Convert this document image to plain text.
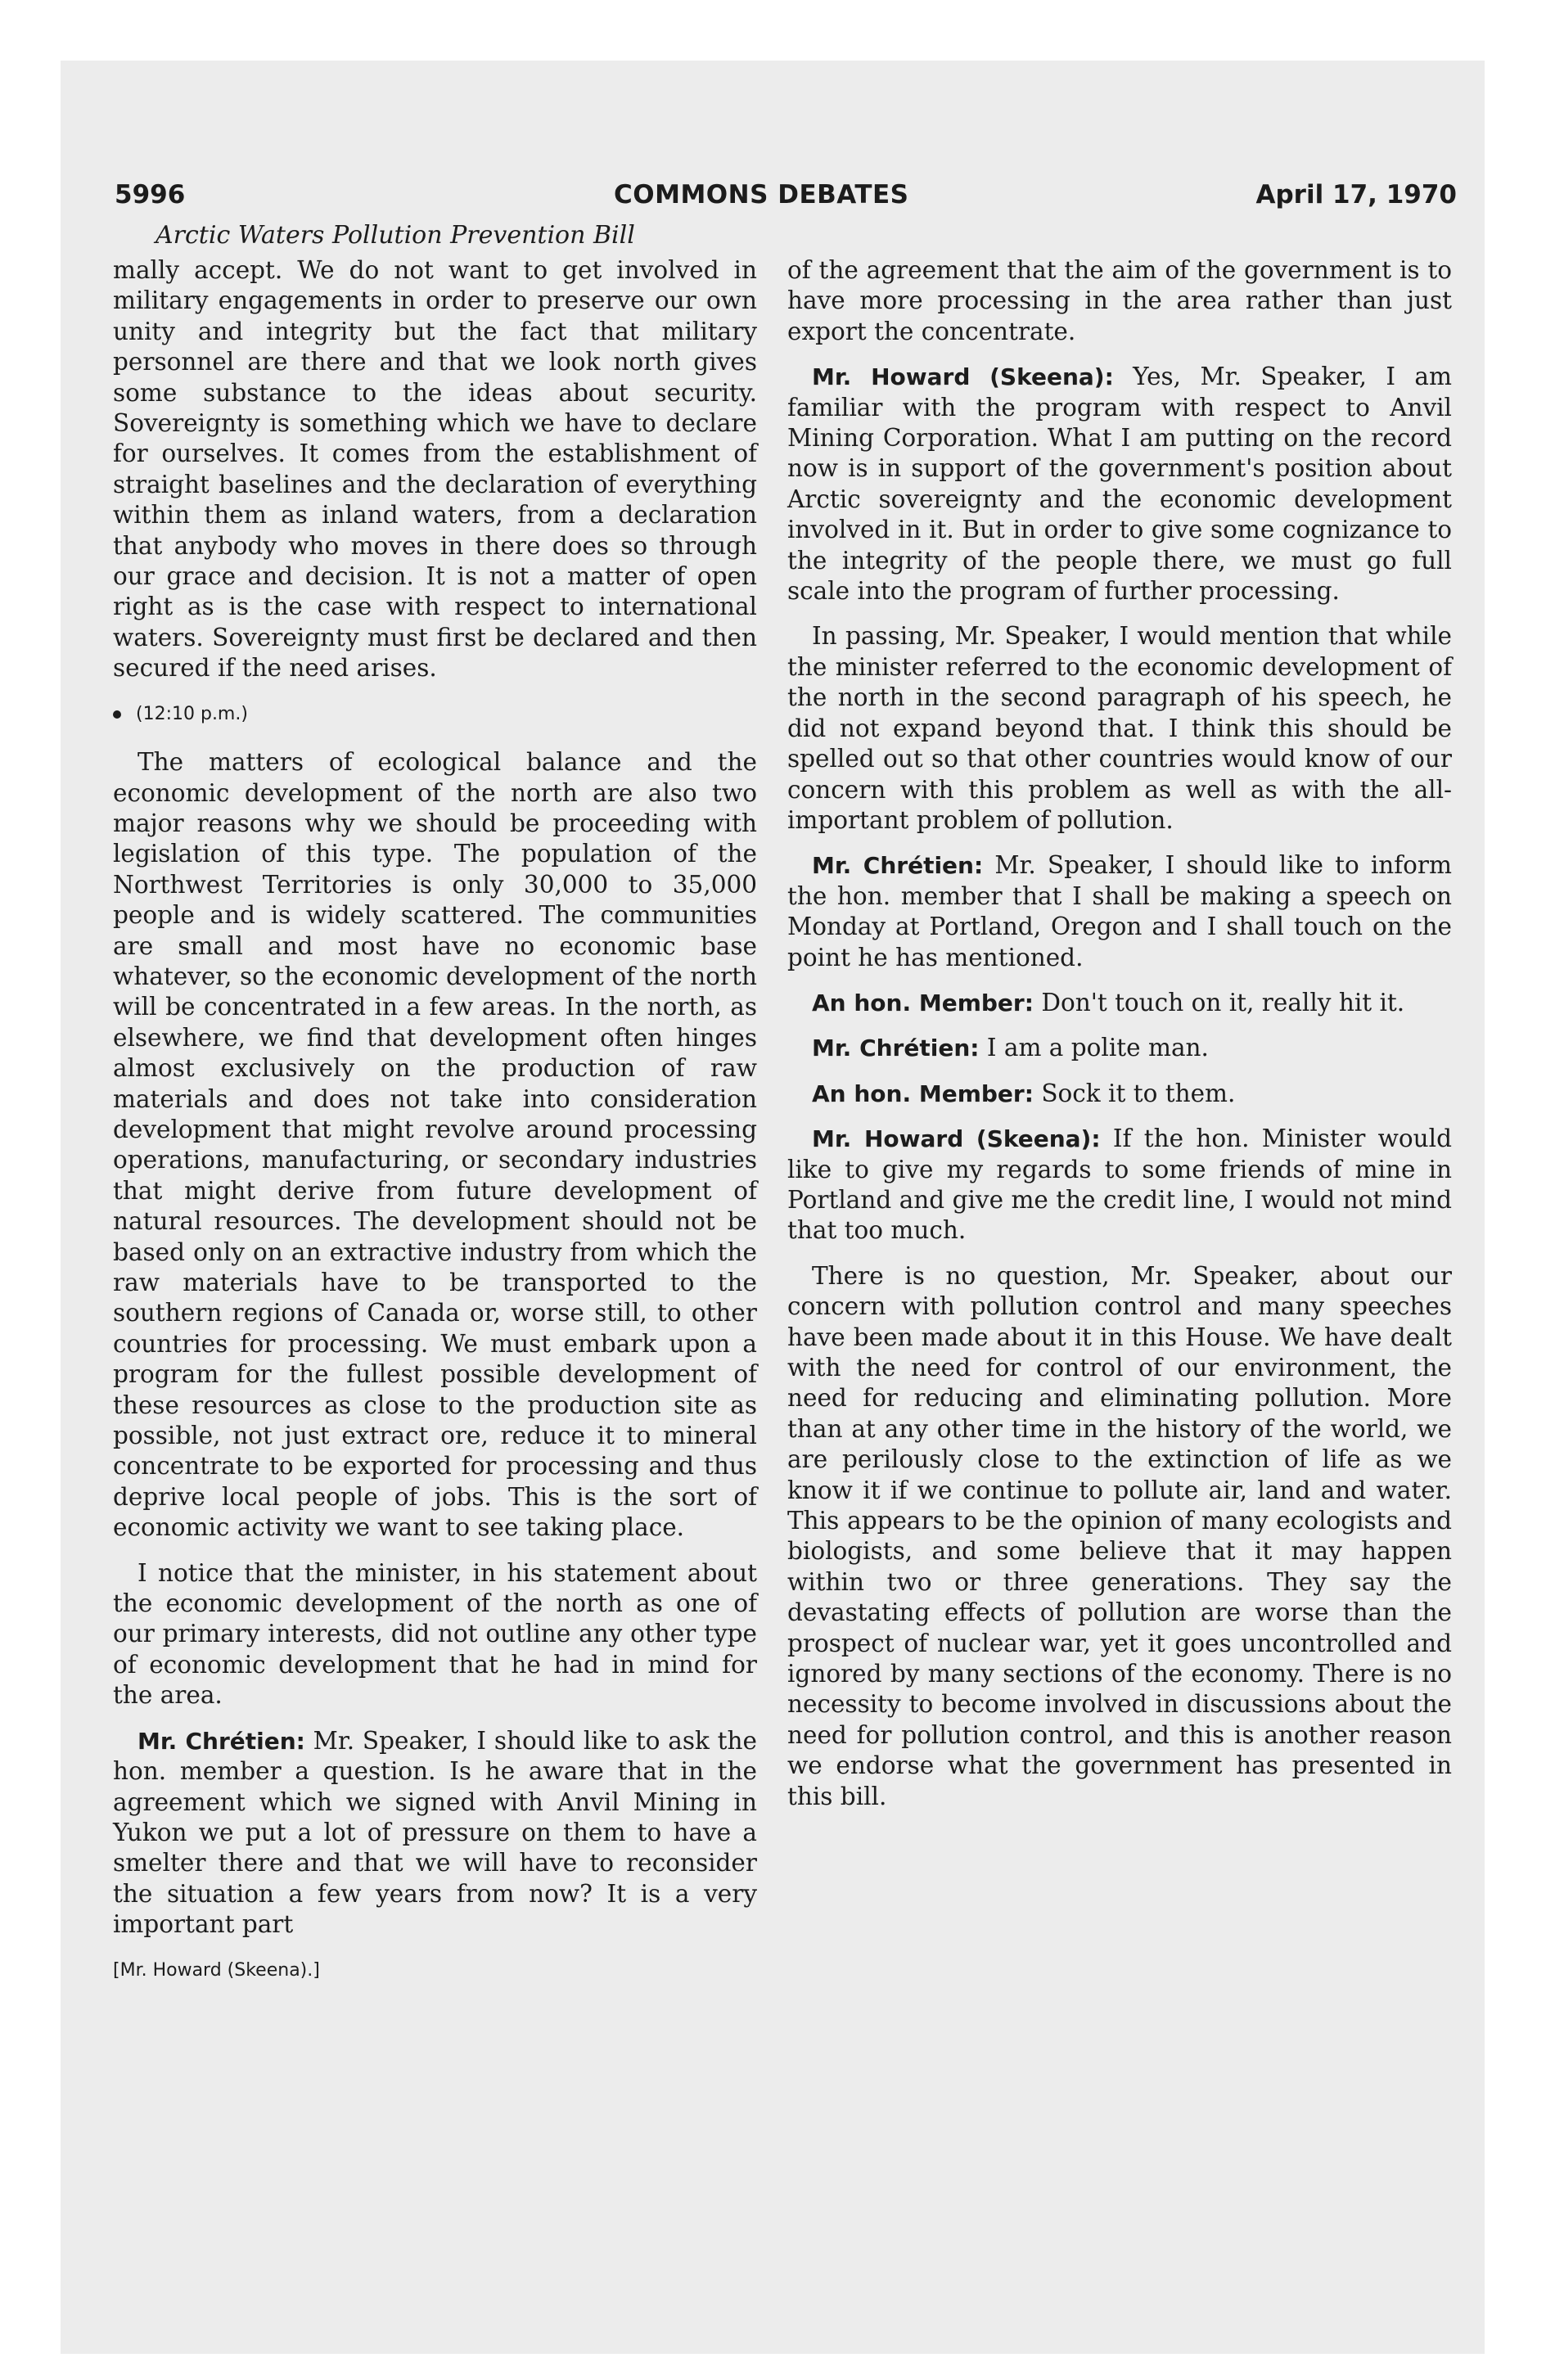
5996	COMMONS DEBATES	April 17, 1970
Arctic Waters Pollution Prevention Bill

mally accept. We do not want to get involved in military engagements in order to preserve our own unity and integrity but the fact that military personnel are there and that we look north gives some substance to the ideas about security. Sovereignty is something which we have to declare for ourselves. It comes from the establishment of straight baselines and the declaration of everything within them as inland waters, from a declaration that anybody who moves in there does so through our grace and decision. It is not a matter of open right as is the case with respect to international waters. Sovereignty must first be declared and then secured if the need arises.

(12:10 p.m.)

The matters of ecological balance and the economic development of the north are also two major reasons why we should be proceeding with legislation of this type. The population of the Northwest Territories is only 30,000 to 35,000 people and is widely scattered. The communities are small and most have no economic base whatever, so the economic development of the north will be concentrated in a few areas. In the north, as elsewhere, we find that development often hinges almost exclusively on the production of raw materials and does not take into consideration development that might revolve around processing operations, manufacturing, or secondary industries that might derive from future development of natural resources. The development should not be based only on an extractive industry from which the raw materials have to be transported to the southern regions of Canada or, worse still, to other countries for processing. We must embark upon a program for the fullest possible development of these resources as close to the production site as possible, not just extract ore, reduce it to mineral concentrate to be exported for processing and thus deprive local people of jobs. This is the sort of economic activity we want to see taking place.

I notice that the minister, in his statement about the economic development of the north as one of our primary interests, did not outline any other type of economic development that he had in mind for the area.

Mr. Chrétien: Mr. Speaker, I should like to ask the hon. member a question. Is he aware that in the agreement which we signed with Anvil Mining in Yukon we put a lot of pressure on them to have a smelter there and that we will have to reconsider the situation a few years from now? It is a very important part

[Mr. Howard (Skeena).]

of the agreement that the aim of the government is to have more processing in the area rather than just export the concentrate.

Mr. Howard (Skeena): Yes, Mr. Speaker, I am familiar with the program with respect to Anvil Mining Corporation. What I am putting on the record now is in support of the government's position about Arctic sovereignty and the economic development involved in it. But in order to give some cognizance to the integrity of the people there, we must go full scale into the program of further processing.

In passing, Mr. Speaker, I would mention that while the minister referred to the economic development of the north in the second paragraph of his speech, he did not expand beyond that. I think this should be spelled out so that other countries would know of our concern with this problem as well as with the all-important problem of pollution.

Mr. Chrétien: Mr. Speaker, I should like to inform the hon. member that I shall be making a speech on Monday at Portland, Oregon and I shall touch on the point he has mentioned.

An hon. Member: Don't touch on it, really hit it.

Mr. Chrétien: I am a polite man.

An hon. Member: Sock it to them.

Mr. Howard (Skeena): If the hon. Minister would like to give my regards to some friends of mine in Portland and give me the credit line, I would not mind that too much.

There is no question, Mr. Speaker, about our concern with pollution control and many speeches have been made about it in this House. We have dealt with the need for control of our environment, the need for reducing and eliminating pollution. More than at any other time in the history of the world, we are perilously close to the extinction of life as we know it if we continue to pollute air, land and water. This appears to be the opinion of many ecologists and biologists, and some believe that it may happen within two or three generations. They say the devastating effects of pollution are worse than the prospect of nuclear war, yet it goes uncontrolled and ignored by many sections of the economy. There is no necessity to become involved in discussions about the need for pollution control, and this is another reason we endorse what the government has presented in this bill.
